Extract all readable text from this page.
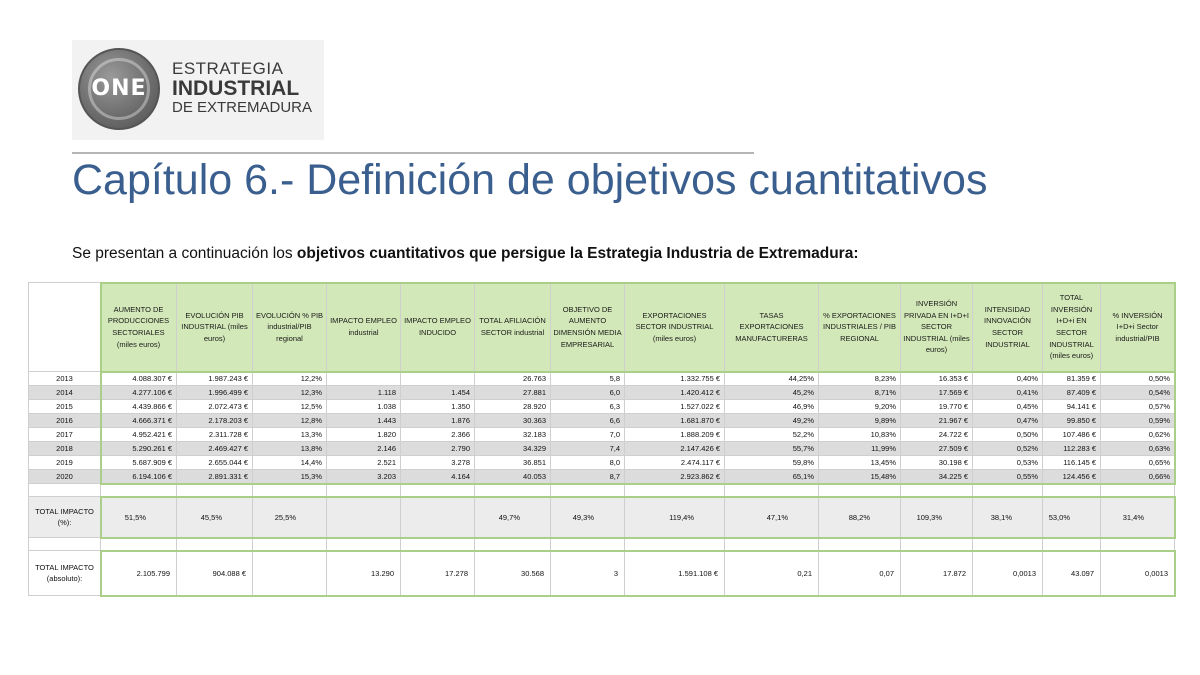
ONE
ESTRATEGIA
INDUSTRIAL
DE EXTREMADURA
Capítulo 6.- Definición de objetivos cuantitativos
Se presentan a continuación los objetivos cuantitativos que persigue la Estrategia Industria de Extremadura:
	AUMENTO DE PRODUCCIONES SECTORIALES (miles euros)	EVOLUCIÓN PIB INDUSTRIAL (miles euros)	EVOLUCIÓN % PIB industrial/PIB regional	IMPACTO EMPLEO industrial	IMPACTO EMPLEO INDUCIDO	TOTAL AFILIACIÓN SECTOR industrial	OBJETIVO DE AUMENTO DIMENSIÓN MEDIA EMPRESARIAL	EXPORTACIONES SECTOR INDUSTRIAL (miles euros)	TASAS EXPORTACIONES MANUFACTURERAS	% EXPORTACIONES INDUSTRIALES / PIB REGIONAL	INVERSIÓN PRIVADA EN I+D+I SECTOR INDUSTRIAL (miles euros)	INTENSIDAD INNOVACIÓN SECTOR INDUSTRIAL	TOTAL INVERSIÓN I+D+i EN SECTOR INDUSTRIAL (miles euros)	% INVERSIÓN I+D+i Sector industrial/PIB
2013	4.088.307 €	1.987.243 €	12,2%			26.763	5,8	1.332.755 €	44,25%	8,23%	16.353 €	0,40%	81.359 €	0,50%
2014	4.277.106 €	1.996.499 €	12,3%	1.118	1.454	27.881	6,0	1.420.412 €	45,2%	8,71%	17.569 €	0,41%	87.409 €	0,54%
2015	4.439.866 €	2.072.473 €	12,5%	1.038	1.350	28.920	6,3	1.527.022 €	46,9%	9,20%	19.770 €	0,45%	94.141 €	0,57%
2016	4.666.371 €	2.178.203 €	12,8%	1.443	1.876	30.363	6,6	1.681.870 €	49,2%	9,89%	21.967 €	0,47%	99.850 €	0,59%
2017	4.952.421 €	2.311.728 €	13,3%	1.820	2.366	32.183	7,0	1.888.209 €	52,2%	10,83%	24.722 €	0,50%	107.486 €	0,62%
2018	5.290.261 €	2.469.427 €	13,8%	2.146	2.790	34.329	7,4	2.147.426 €	55,7%	11,99%	27.509 €	0,52%	112.283 €	0,63%
2019	5.687.909 €	2.655.044 €	14,4%	2.521	3.278	36.851	8,0	2.474.117 €	59,8%	13,45%	30.198 €	0,53%	116.145 €	0,65%
2020	6.194.106 €	2.891.331 €	15,3%	3.203	4.164	40.053	8,7	2.923.862 €	65,1%	15,48%	34.225 €	0,55%	124.456 €	0,66%

TOTAL IMPACTO (%):	51,5%	45,5%	25,5%			49,7%	49,3%	119,4%	47,1%	88,2%	109,3%	38,1%	53,0%	31,4%

TOTAL IMPACTO (absoluto):	2.105.799	904.088 €		13.290	17.278	30.568	3	1.591.108 €	0,21	0,07	17.872	0,0013	43.097	0,0013
